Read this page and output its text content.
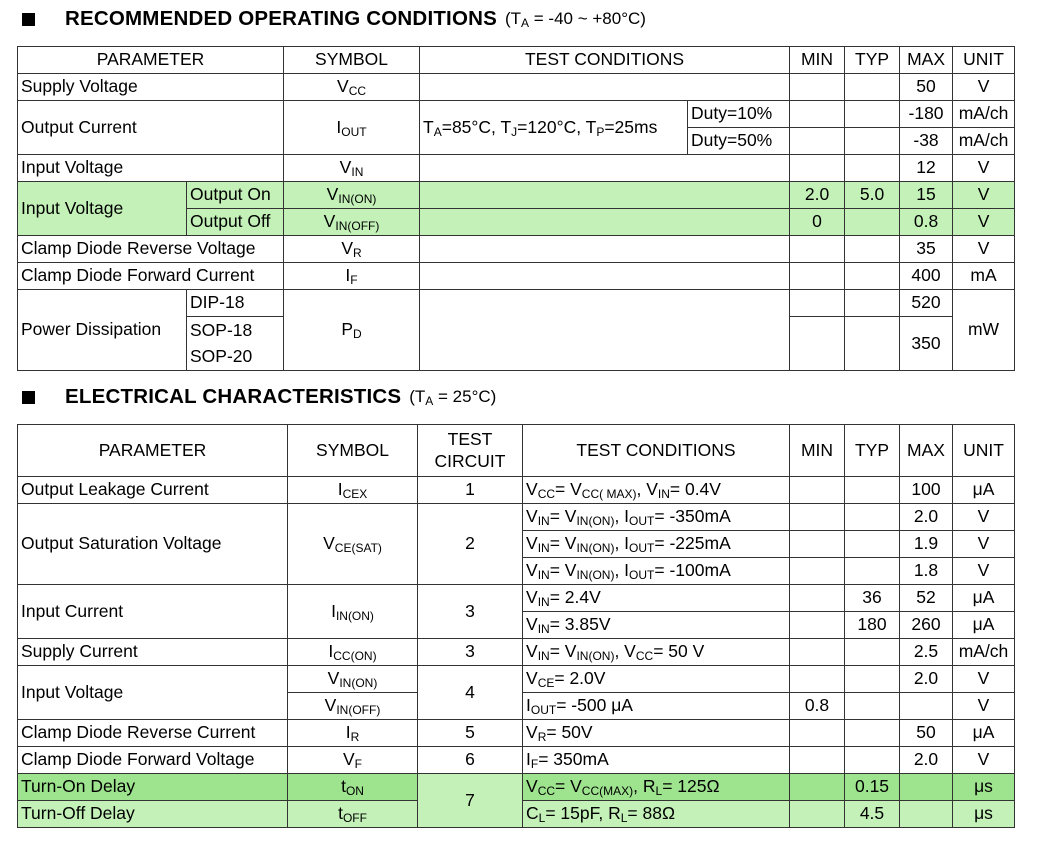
RECOMMENDED OPERATING CONDITIONS ($T_A = -40$ ~ +80°C)
PARAMETER		SYMBOL	TEST CONDITIONS		MIN	TYP	MAX	UNIT
Supply Voltage		$V_{CC}$					50	V
Output Current		$I_{OUT}$	$T_A=85^\circ C$, $T_J=120^\circ C$, $T_P=25ms$	Duty=10%			-180	mA/ch
				Duty=50%			-38	mA/ch
Input Voltage		$V_{IN}$					12	V
Input Voltage	Output On	$V_{IN(ON)}$			2.0	5.0	15	V
	Output Off	$V_{IN(OFF)}$			0		0.8	V
Clamp Diode Reverse Voltage		$V_R$					35	V
Clamp Diode Forward Current		$I_F$					400	mA
Power Dissipation	DIP-18	$P_D$					520	mW
	SOP-18						350	
	SOP-20							
ELECTRICAL CHARACTERISTICS $(T_A = 25^\circ C)$
PARAMETER	SYMBOL	TEST
CIRCUIT	TEST CONDITIONS	MIN	TYP	MAX	UNIT
Output Leakage Current	$I_{CEX}$	1	$V_{CC}= V_{CC( MAX)}$, $V_{IN}= 0.4V$			100	μA
Output Saturation Voltage	$V_{CE(SAT)}$	2	$V_{IN}= V_{IN(ON)}$, $I_{OUT}= -350mA$			2.0	V
			$V_{IN}= V_{IN(ON)}$, $I_{OUT}= -225mA$			1.9	V
			$V_{IN}= V_{IN(ON)}$, $I_{OUT}= -100mA$			1.8	V
Input Current	$I_{IN(ON)}$	3	$V_{IN}= 2.4V$		36	52	μA
			$V_{IN}= 3.85V$		180	260	μA
Supply Current	$I_{CC(ON)}$	3	$V_{IN}= V_{IN(ON)}$, $V_{CC}= 50$ V			2.5	mA/ch
Input Voltage	$V_{IN(ON)}$	4	$V_{CE}= 2.0V$			2.0	V
	$V_{IN(OFF)}$		$I_{OUT}= -500$ μA	0.8			V
Clamp Diode Reverse Current	$I_R$	5	$V_R= 50V$			50	μA
Clamp Diode Forward Voltage	$V_F$	6	$I_F= 350mA$			2.0	V
Turn-On Delay	$t_{ON}$	7	$V_{CC}= V_{CC(MAX)}$, $R_L= 125\Omega$		0.15		μs
Turn-Off Delay	$t_{OFF}$		$C_L= 15pF$, $R_L= 88\Omega$		4.5		μs
